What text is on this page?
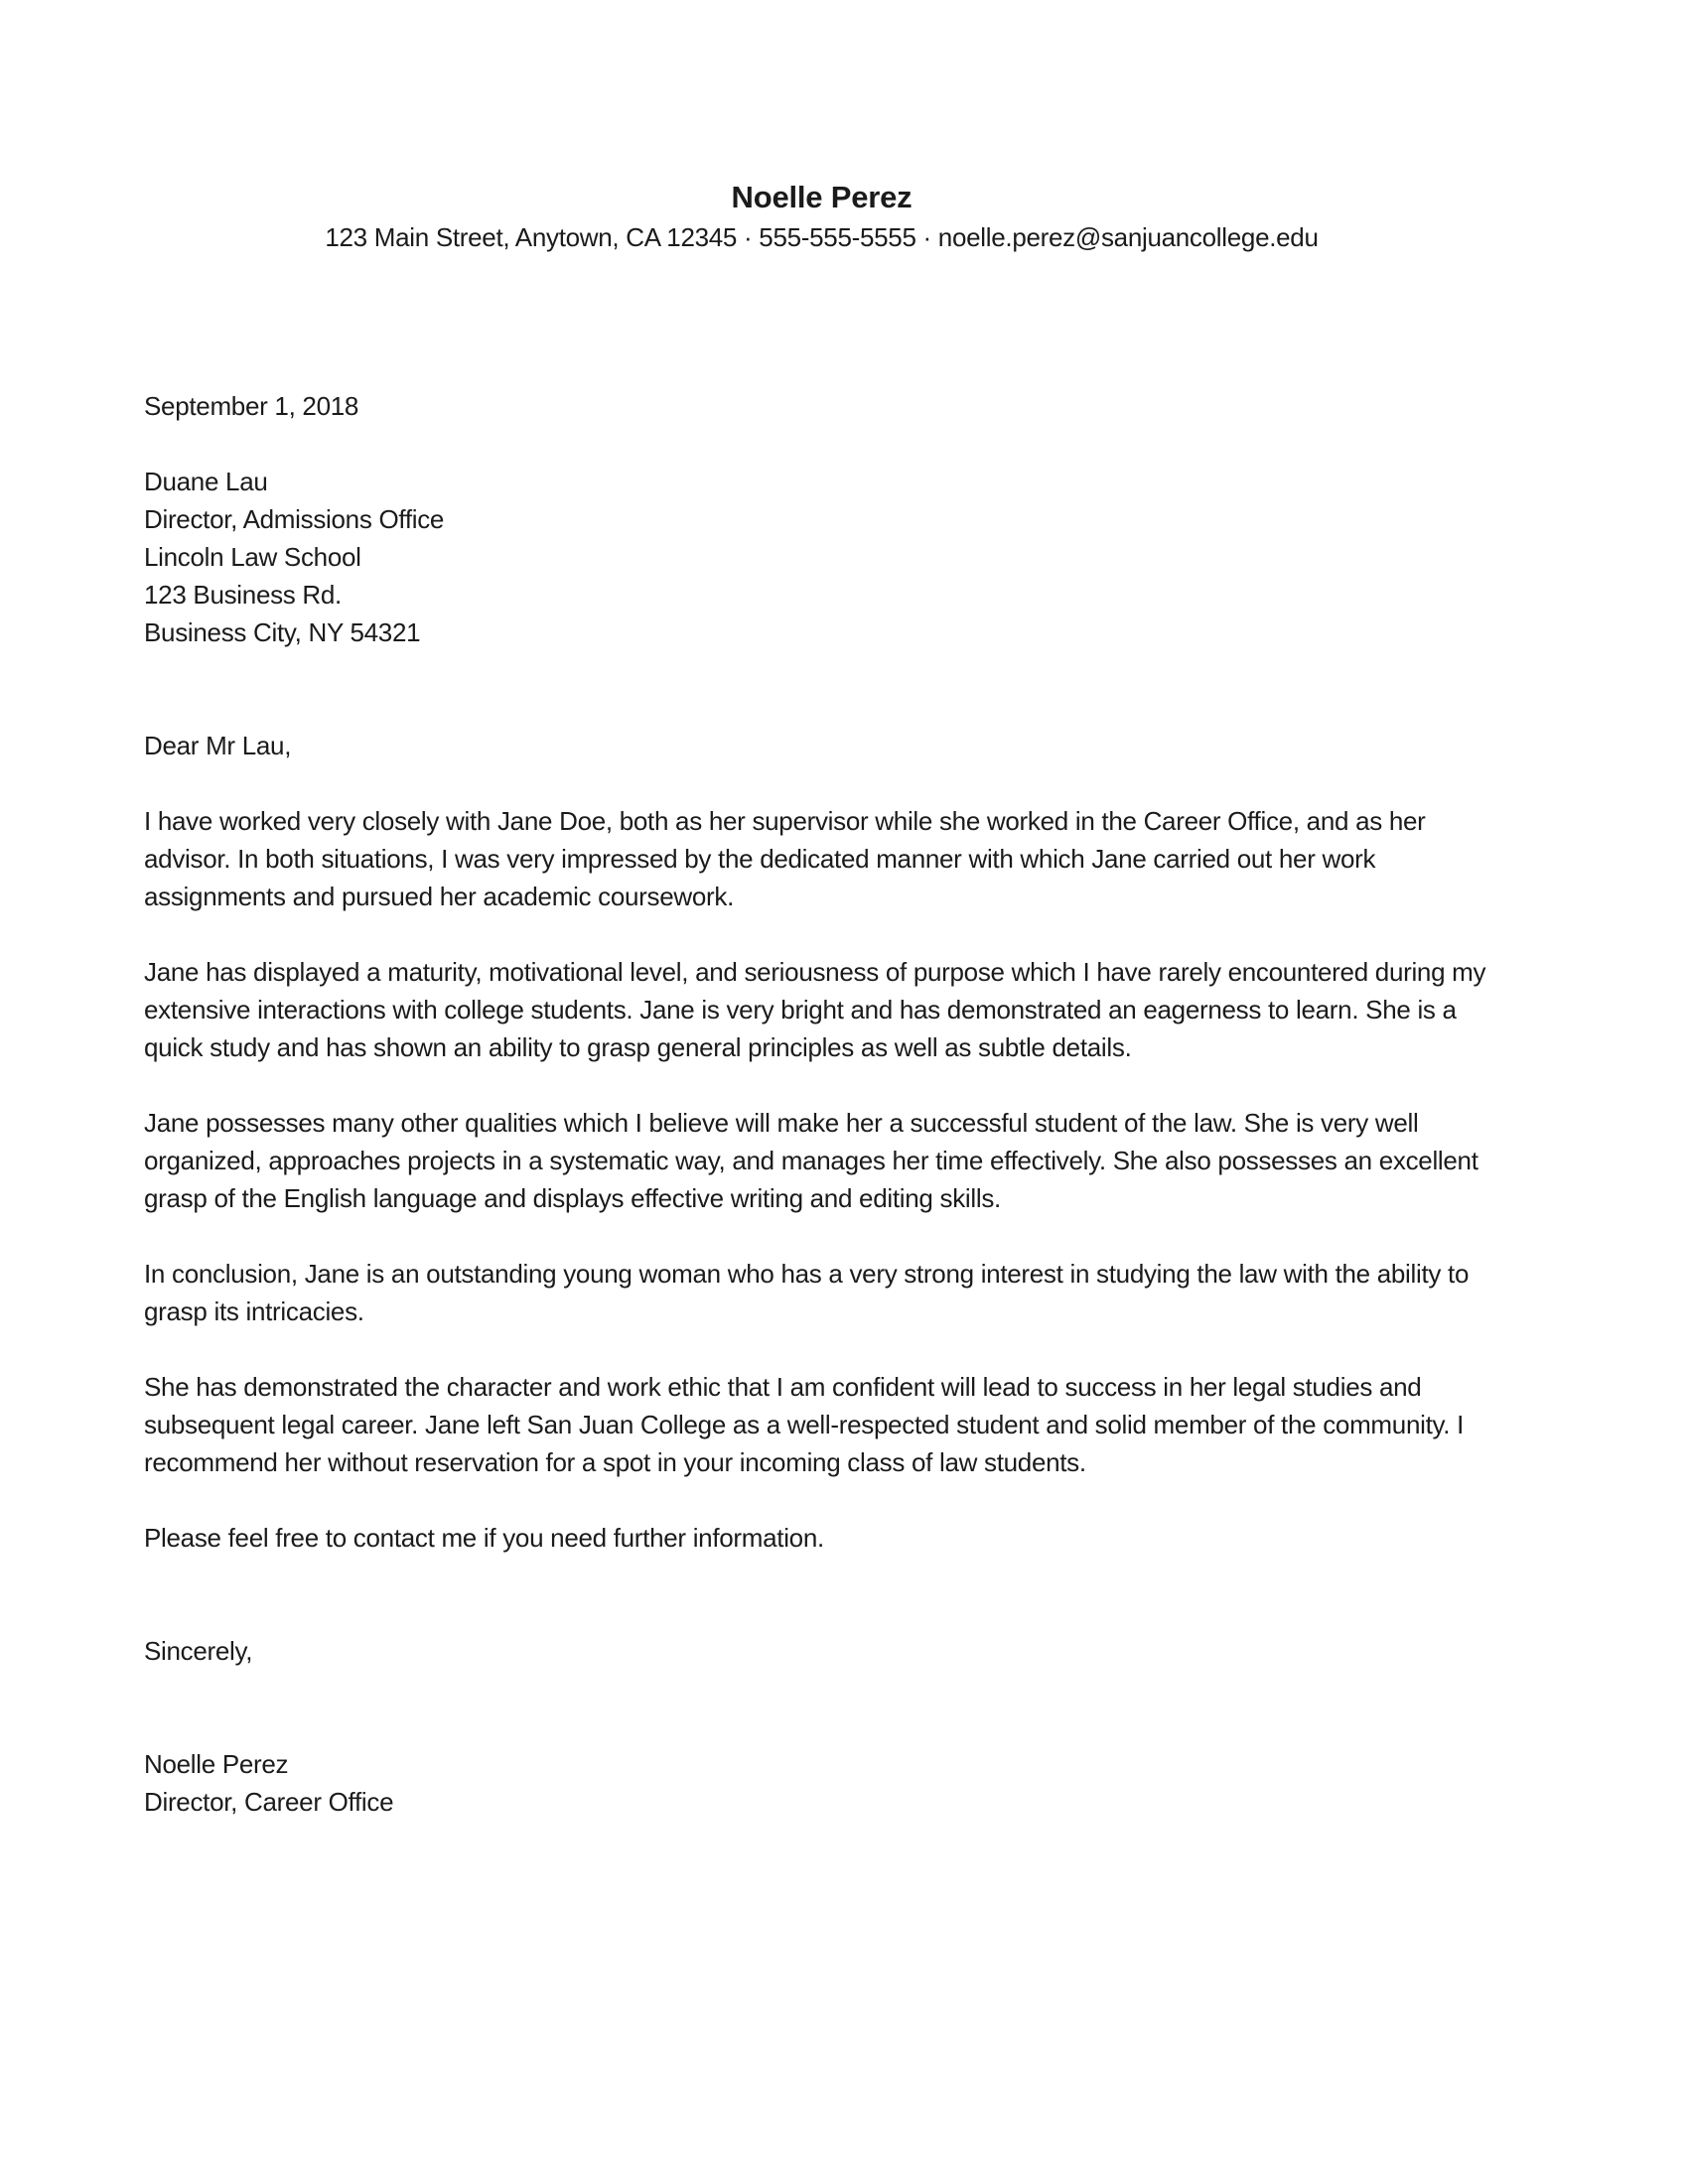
Noelle Perez
123 Main Street, Anytown, CA 12345 · 555-555-5555 · noelle.perez@sanjuancollege.edu
September 1, 2018
Duane Lau
Director, Admissions Office
Lincoln Law School
123 Business Rd.
Business City, NY 54321
Dear Mr Lau,

I have worked very closely with Jane Doe, both as her supervisor while she worked in the Career Office, and as her advisor. In both situations, I was very impressed by the dedicated manner with which Jane carried out her work assignments and pursued her academic coursework.

Jane has displayed a maturity, motivational level, and seriousness of purpose which I have rarely encountered during my extensive interactions with college students. Jane is very bright and has demonstrated an eagerness to learn. She is a quick study and has shown an ability to grasp general principles as well as subtle details.

Jane possesses many other qualities which I believe will make her a successful student of the law. She is very well organized, approaches projects in a systematic way, and manages her time effectively. She also possesses an excellent grasp of the English language and displays effective writing and editing skills.

In conclusion, Jane is an outstanding young woman who has a very strong interest in studying the law with the ability to grasp its intricacies.

She has demonstrated the character and work ethic that I am confident will lead to success in her legal studies and subsequent legal career. Jane left San Juan College as a well-respected student and solid member of the community. I recommend her without reservation for a spot in your incoming class of law students.

Please feel free to contact me if you need further information.

Sincerely,
Noelle Perez
Director, Career Office
